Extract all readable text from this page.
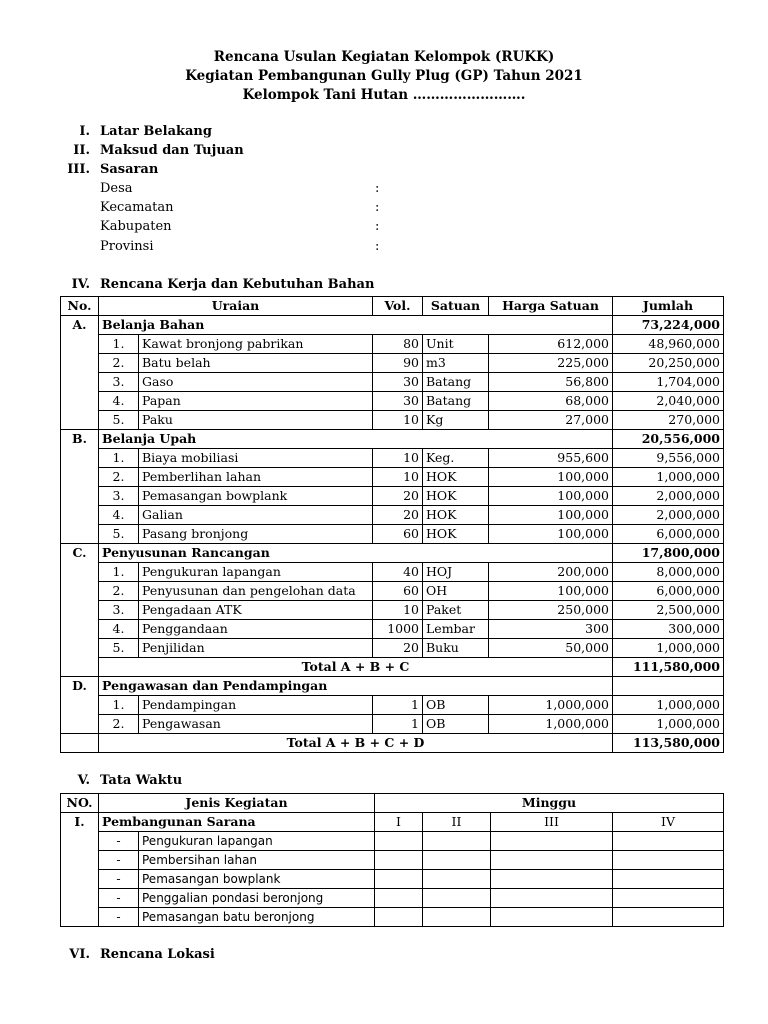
Rencana Usulan Kegiatan Kelompok (RUKK)
Kegiatan Pembangunan Gully Plug (GP) Tahun 2021
Kelompok Tani Hutan …………………….
I. Latar Belakang
II. Maksud dan Tujuan
III. Sasaran
Desa	:
Kecamatan	:
Kabupaten	:
Provinsi	:
IV. Rencana Kerja dan Kebutuhan Bahan
No.	Uraian		Vol.	Satuan	Harga Satuan	Jumlah
A.	Belanja Bahan					73,224,000
	1.	Kawat bronjong pabrikan	80	Unit	612,000	48,960,000
	2.	Batu belah	90	m3	225,000	20,250,000
	3.	Gaso	30	Batang	56,800	1,704,000
	4.	Papan	30	Batang	68,000	2,040,000
	5.	Paku	10	Kg	27,000	270,000
B.	Belanja Upah					20,556,000
	1.	Biaya mobiliasi	10	Keg.	955,600	9,556,000
	2.	Pemberlihan lahan	10	HOK	100,000	1,000,000
	3.	Pemasangan bowplank	20	HOK	100,000	2,000,000
	4.	Galian	20	HOK	100,000	2,000,000
	5.	Pasang bronjong	60	HOK	100,000	6,000,000
C.	Penyusunan Rancangan					17,800,000
	1.	Pengukuran lapangan	40	HOJ	200,000	8,000,000
	2.	Penyusunan dan pengelohan data	60	OH	100,000	6,000,000
	3.	Pengadaan ATK	10	Paket	250,000	2,500,000
	4.	Penggandaan	1000	Lembar	300	300,000
	5.	Penjilidan	20	Buku	50,000	1,000,000
	Total A + B + C					111,580,000
D.	Pengawasan dan Pendampingan					
	1.	Pendampingan	1	OB	1,000,000	1,000,000
	2.	Pengawasan	1	OB	1,000,000	1,000,000
	Total A + B + C + D					113,580,000
V. Tata Waktu
NO.	Jenis Kegiatan		Minggu			
I.	Pembangunan Sarana		I	II	III	IV
	-	Pengukuran lapangan				
	-	Pembersihan lahan				
	-	Pemasangan bowplank				
	-	Penggalian pondasi beronjong				
	-	Pemasangan batu beronjong				
VI. Rencana Lokasi
